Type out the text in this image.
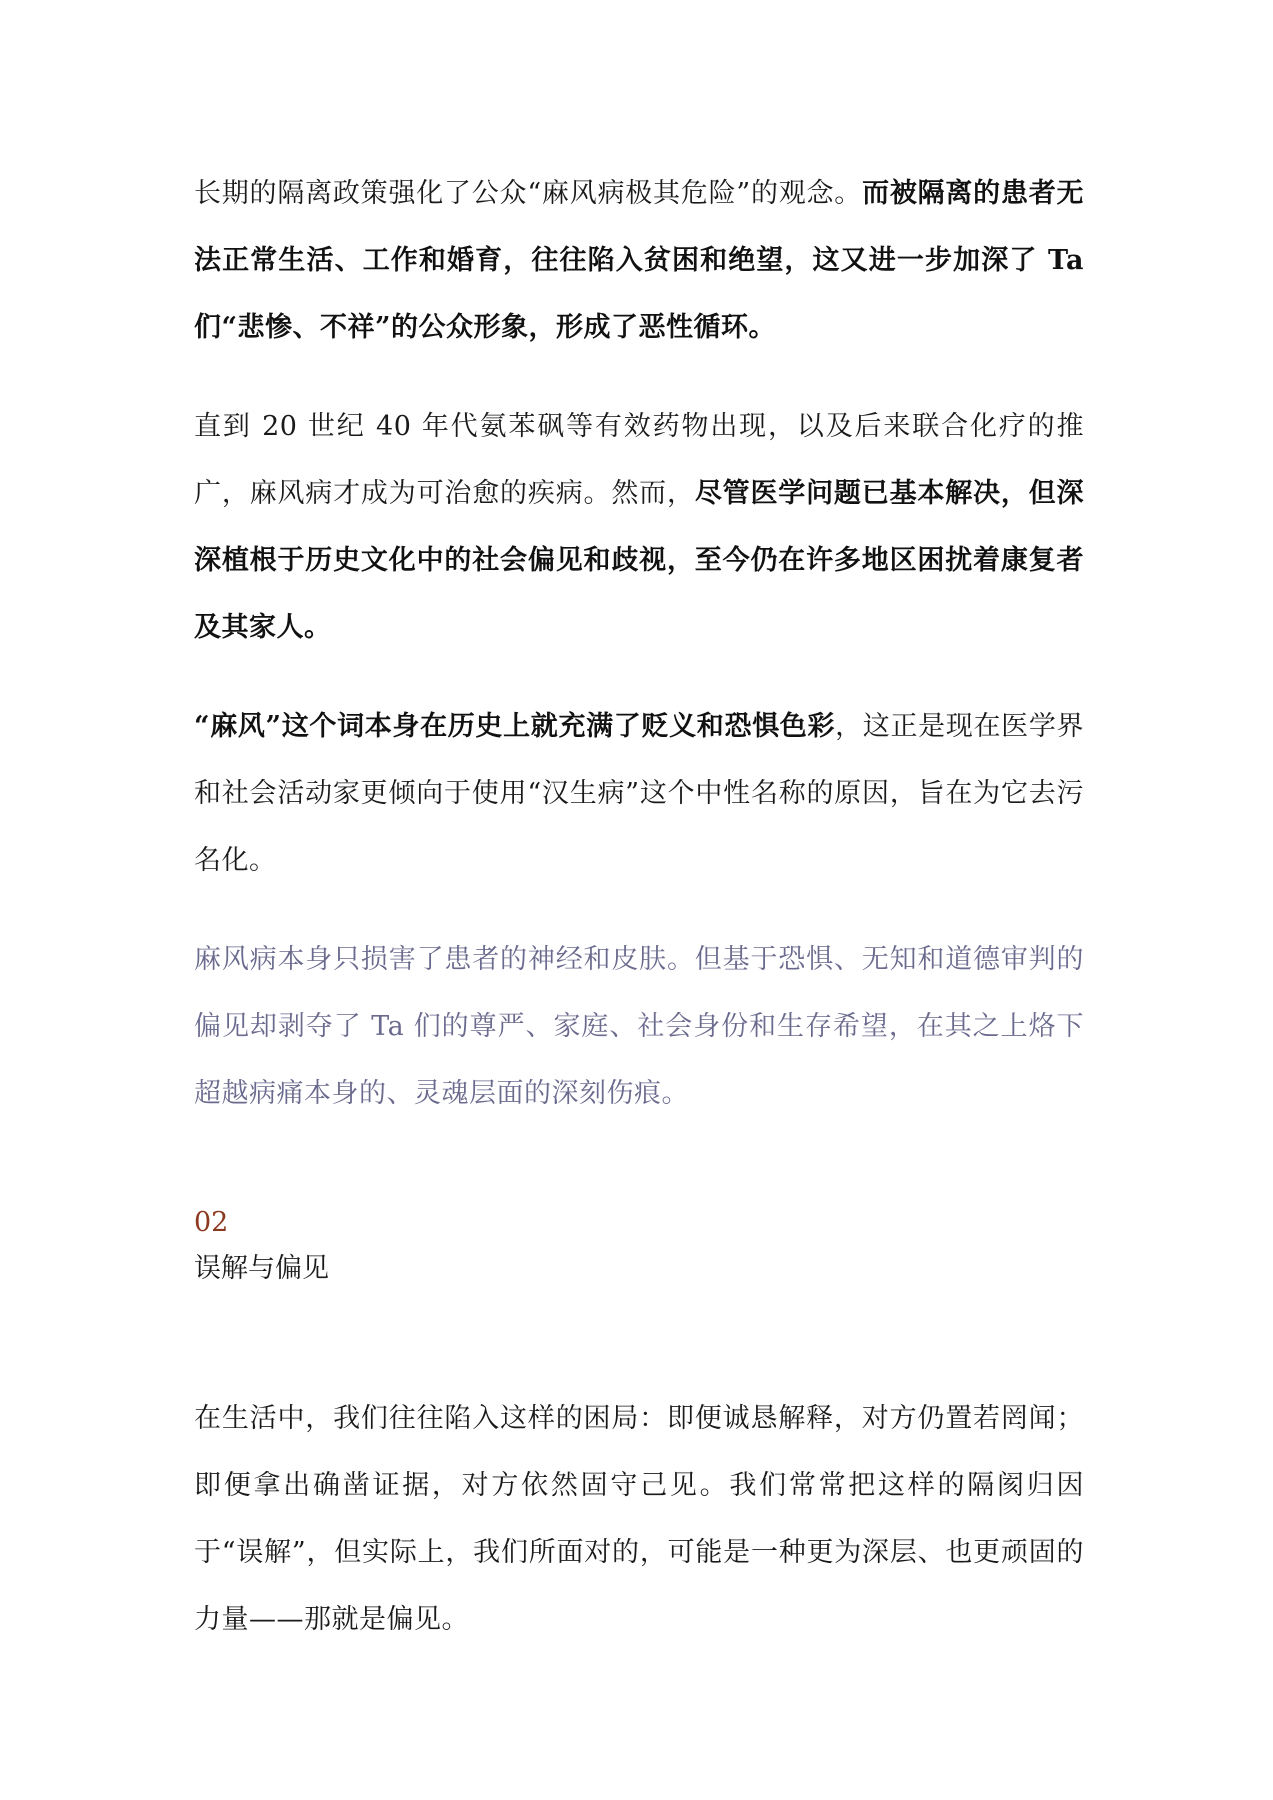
长期的隔离政策强化了公众“麻风病极其危险”的观念。而被隔离的患者无法正常生活、工作和婚育，往往陷入贫困和绝望，这又进一步加深了 Ta 们“悲惨、不祥”的公众形象，形成了恶性循环。

直到 20 世纪 40 年代氨苯砜等有效药物出现，以及后来联合化疗的推广，麻风病才成为可治愈的疾病。然而，尽管医学问题已基本解决，但深深植根于历史文化中的社会偏见和歧视，至今仍在许多地区困扰着康复者及其家人。

“麻风”这个词本身在历史上就充满了贬义和恐惧色彩，这正是现在医学界和社会活动家更倾向于使用“汉生病”这个中性名称的原因，旨在为它去污名化。

麻风病本身只损害了患者的神经和皮肤。但基于恐惧、无知和道德审判的偏见却剥夺了 Ta 们的尊严、家庭、社会身份和生存希望，在其之上烙下超越病痛本身的、灵魂层面的深刻伤痕。

02
误解与偏见

在生活中，我们往往陷入这样的困局：即便诚恳解释，对方仍置若罔闻；即便拿出确凿证据，对方依然固守己见。我们常常把这样的隔阂归因于“误解”，但实际上，我们所面对的，可能是一种更为深层、也更顽固的力量——那就是偏见。
